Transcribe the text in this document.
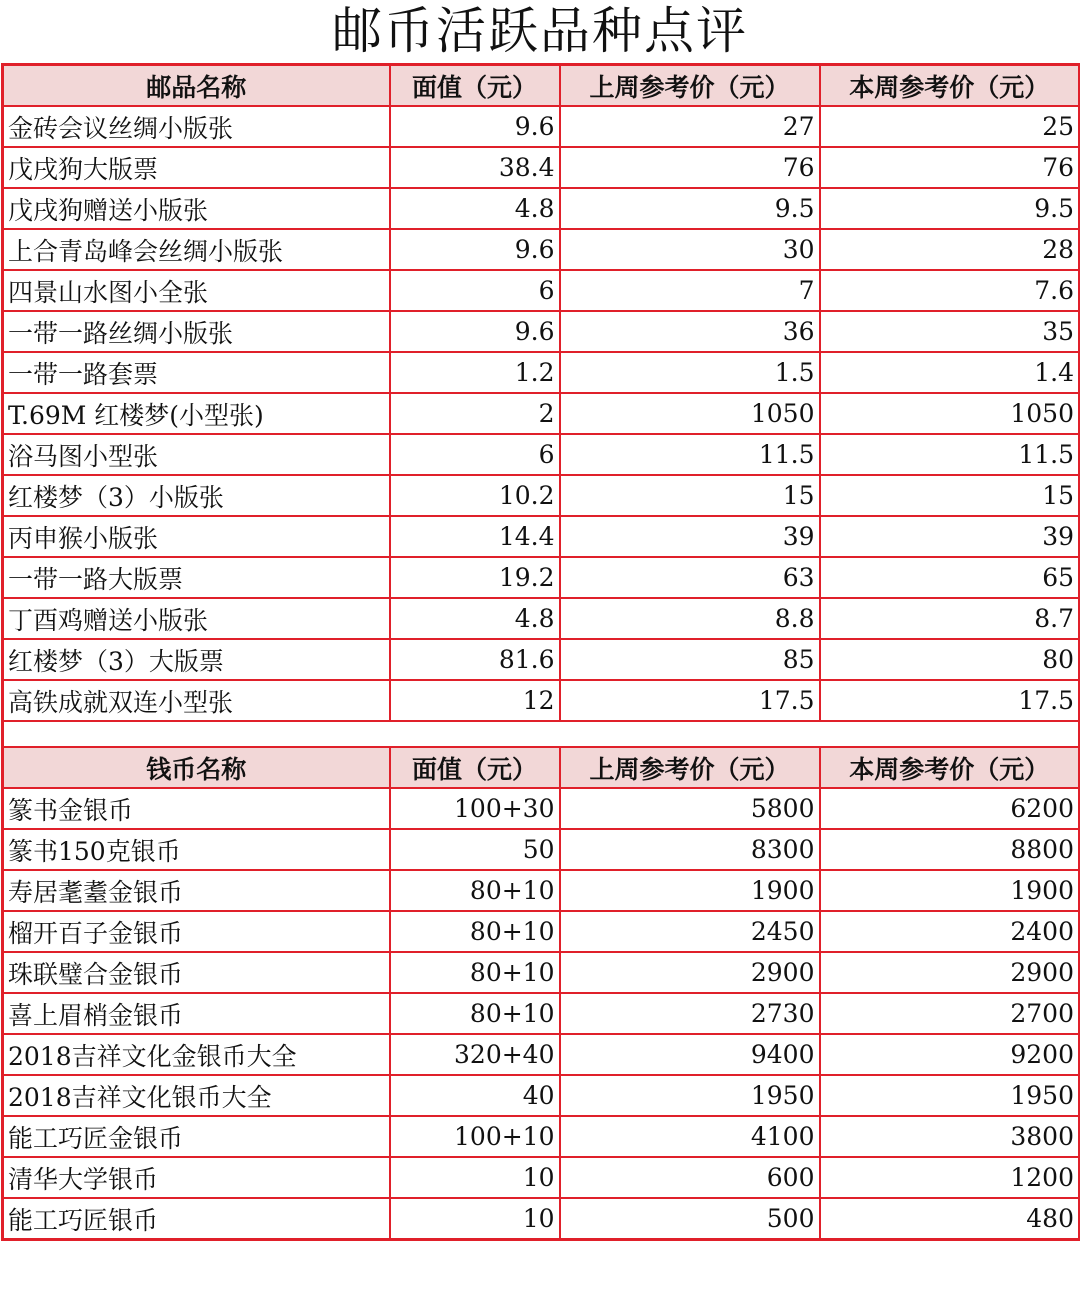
邮币活跃品种点评
邮品名称	面值（元）	上周参考价（元）	本周参考价（元）
金砖会议丝绸小版张	9.6	27	25
戊戌狗大版票	38.4	76	76
戊戌狗赠送小版张	4.8	9.5	9.5
上合青岛峰会丝绸小版张	9.6	30	28
四景山水图小全张	6	7	7.6
一带一路丝绸小版张	9.6	36	35
一带一路套票	1.2	1.5	1.4
T.69M 红楼梦(小型张)	2	1050	1050
浴马图小型张	6	11.5	11.5
红楼梦（3）小版张	10.2	15	15
丙申猴小版张	14.4	39	39
一带一路大版票	19.2	63	65
丁酉鸡赠送小版张	4.8	8.8	8.7
红楼梦（3）大版票	81.6	85	80
高铁成就双连小型张	12	17.5	17.5

钱币名称	面值（元）	上周参考价（元）	本周参考价（元）
篆书金银币	100+30	5800	6200
篆书150克银币	50	8300	8800
寿居耄耋金银币	80+10	1900	1900
榴开百子金银币	80+10	2450	2400
珠联璧合金银币	80+10	2900	2900
喜上眉梢金银币	80+10	2730	2700
2018吉祥文化金银币大全	320+40	9400	9200
2018吉祥文化银币大全	40	1950	1950
能工巧匠金银币	100+10	4100	3800
清华大学银币	10	600	1200
能工巧匠银币	10	500	480
